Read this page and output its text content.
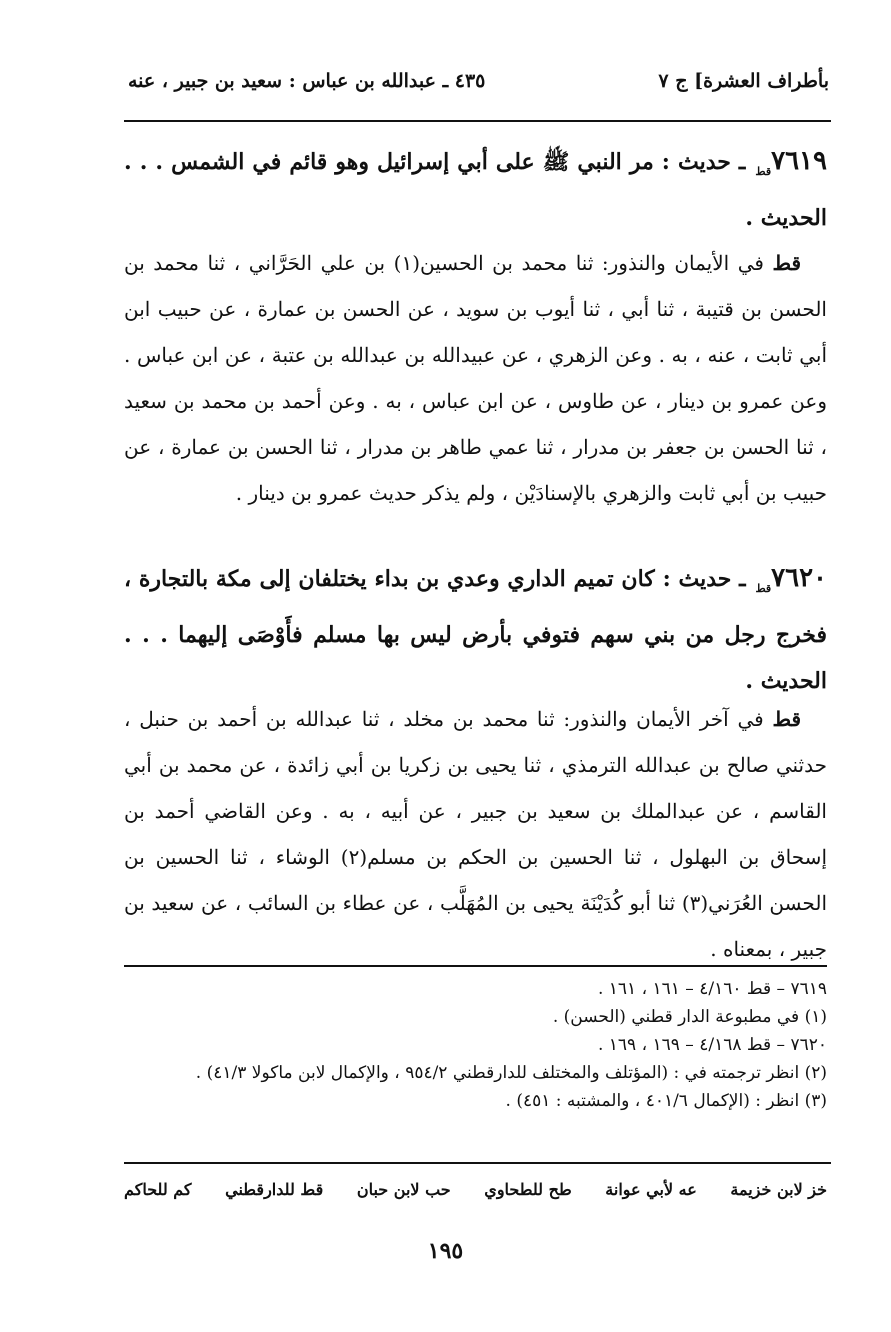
بأطراف العشرة] ج ٧
٤٣٥ ـ عبدالله بن عباس : سعيد بن جبير ، عنه
$٧٦١٩_{قط}$ ـ حديث : مر النبي ﷺ على أبي إسرائيل وهو قائم في الشمس . . . الحديث .

قط في الأيمان والنذور: ثنا محمد بن الحسين(١) بن علي الحَرَّاني ، ثنا محمد بن الحسن بن قتيبة ، ثنا أبي ، ثنا أيوب بن سويد ، عن الحسن بن عمارة ، عن حبيب ابن أبي ثابت ، عنه ، به . وعن الزهري ، عن عبيدالله بن عبدالله بن عتبة ، عن ابن عباس . وعن عمرو بن دينار ، عن طاوس ، عن ابن عباس ، به . وعن أحمد بن محمد بن سعيد ، ثنا الحسن بن جعفر بن مدرار ، ثنا عمي طاهر بن مدرار ، ثنا الحسن بن عمارة ، عن حبيب بن أبي ثابت والزهري بالإسنادَيْن ، ولم يذكر حديث عمرو بن دينار .

$٧٦٢٠_{قط}$ ـ حديث : كان تميم الداري وعدي بن بداء يختلفان إلى مكة بالتجارة ، فخرج رجل من بني سهم فتوفي بأرض ليس بها مسلم فأَوْصَى إليهما . . . الحديث .

قط في آخر الأيمان والنذور: ثنا محمد بن مخلد ، ثنا عبدالله بن أحمد بن حنبل ، حدثني صالح بن عبدالله الترمذي ، ثنا يحيى بن زكريا بن أبي زائدة ، عن محمد بن أبي القاسم ، عن عبدالملك بن سعيد بن جبير ، عن أبيه ، به . وعن القاضي أحمد بن إسحاق بن البهلول ، ثنا الحسين بن الحكم بن مسلم(٢) الوشاء ، ثنا الحسين بن الحسن العُرَني(٣) ثنا أبو كُدَيْنَة يحيى بن المُهَلَّب ، عن عطاء بن السائب ، عن سعيد بن جبير ، بمعناه .

٧٦١٩ – قط ٤/١٦٠ – ١٦١ ، ١٦١ .
(١) في مطبوعة الدار قطني (الحسن) .
٧٦٢٠ – قط ٤/١٦٨ – ١٦٩ ، ١٦٩ .
(٢) انظر ترجمته في : (المؤتلف والمختلف للدارقطني ٩٥٤/٢ ، والإكمال لابن ماكولا ٤١/٣) .
(٣) انظر : (الإكمال ٤٠١/٦ ، والمشتبه : ٤٥١) .
خز لابن خزيمة
عه لأبي عوانة
طح للطحاوي
حب لابن حبان
قط للدارقطني
كم للحاكم
١٩٥
